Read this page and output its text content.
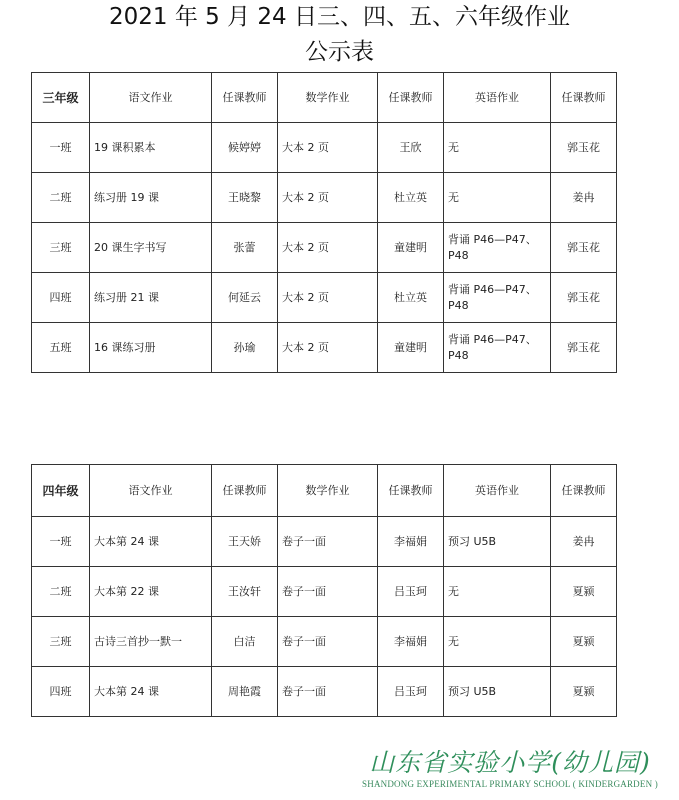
2021 年 5 月 24 日三、四、五、六年级作业
公示表
三年级	语文作业	任课教师	数学作业	任课教师	英语作业	任课教师
一班	19 课积累本	候婷婷	大本 2 页	王欣	无	郭玉花
二班	练习册 19 课	王晓黎	大本 2 页	杜立英	无	姜冉
三班	20 课生字书写	张蕾	大本 2 页	童建明	背诵 P46—P47、P48	郭玉花
四班	练习册 21 课	何延云	大本 2 页	杜立英	背诵 P46—P47、P48	郭玉花
五班	16 课练习册	孙瑜	大本 2 页	童建明	背诵 P46—P47、P48	郭玉花
四年级	语文作业	任课教师	数学作业	任课教师	英语作业	任课教师
一班	大本第 24 课	王天娇	卷子一面	李福娟	预习 U5B	姜冉
二班	大本第 22 课	王汝轩	卷子一面	吕玉珂	无	夏颍
三班	古诗三首抄一默一	白洁	卷子一面	李福娟	无	夏颍
四班	大本第 24 课	周艳霞	卷子一面	吕玉珂	预习 U5B	夏颍
山东省实验小学(幼儿园)
SHANDONG EXPERIMENTAL PRIMARY SCHOOL ( KINDERGARDEN )
